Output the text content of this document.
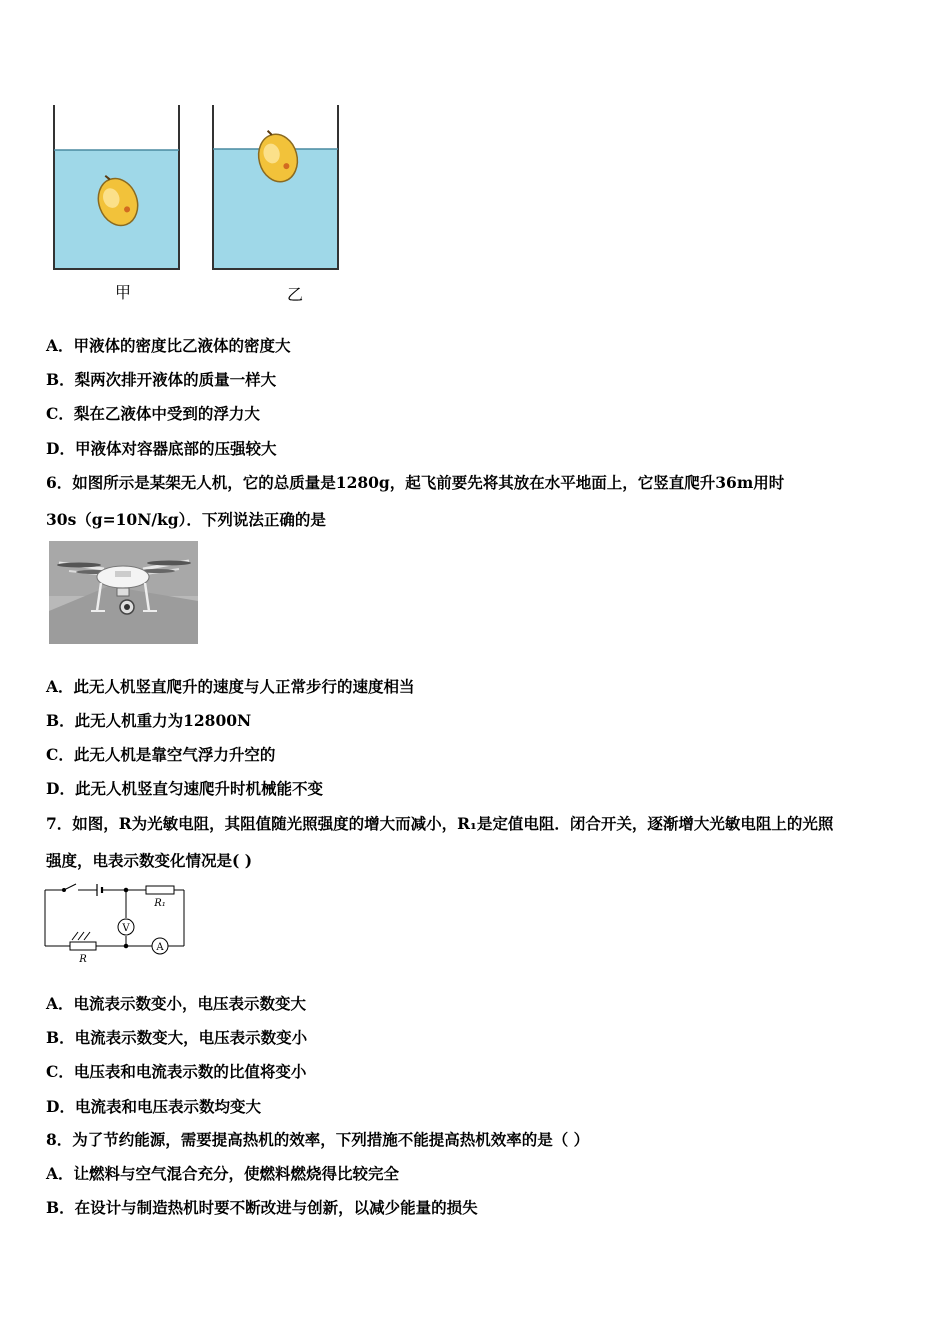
甲	乙
A．甲液体的密度比乙液体的密度大
B．梨两次排开液体的质量一样大
C．梨在乙液体中受到的浮力大
D．甲液体对容器底部的压强较大
6．如图所示是某架无人机，它的总质量是1280g，起飞前要先将其放在水平地面上，它竖直爬升36m用时
30s（g=10N/kg）．下列说法正确的是
A．此无人机竖直爬升的速度与人正常步行的速度相当
B．此无人机重力为12800N
C．此无人机是靠空气浮力升空的
D．此无人机竖直匀速爬升时机械能不变
7．如图，R为光敏电阻，其阻值随光照强度的增大而减小，R₁是定值电阻．闭合开关，逐渐增大光敏电阻上的光照
强度，电表示数变化情况是( )
V
A
R₁
R
A．电流表示数变小，电压表示数变大
B．电流表示数变大，电压表示数变小
C．电压表和电流表示数的比值将变小
D．电流表和电压表示数均变大
8．为了节约能源，需要提高热机的效率，下列措施不能提高热机效率的是（ ）
A．让燃料与空气混合充分，使燃料燃烧得比较完全
B．在设计与制造热机时要不断改进与创新，以减少能量的损失
